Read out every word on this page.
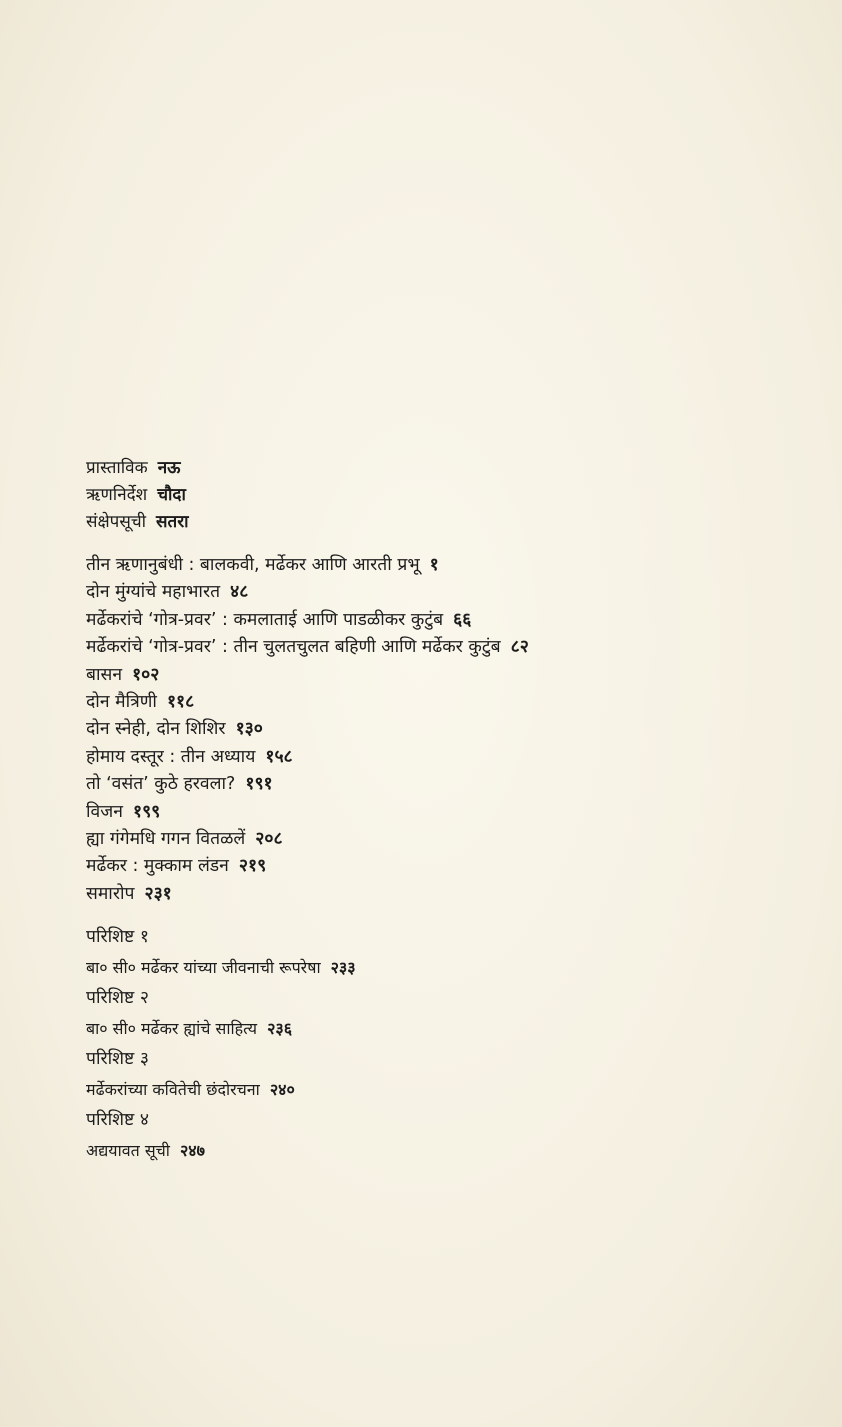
प्रास्ताविक नऊ
ऋणनिर्देश चौदा
संक्षेपसूची सतरा
तीन ऋणानुबंधी : बालकवी, मर्ढेकर आणि आरती प्रभू १
दोन मुंग्यांचे महाभारत ४८
मर्ढेकरांचे ‘गोत्र-प्रवर’ : कमलाताई आणि पाडळीकर कुटुंब ६६
मर्ढेकरांचे ‘गोत्र-प्रवर’ : तीन चुलतचुलत बहिणी आणि मर्ढेकर कुटुंब ८२
बासन १०२
दोन मैत्रिणी ११८
दोन स्नेही, दोन शिशिर १३०
होमाय दस्तूर : तीन अध्याय १५८
तो ‘वसंत’ कुठे हरवला? १९१
विजन १९९
ह्या गंगेमधि गगन वितळलें २०८
मर्ढेकर : मुक्काम लंडन २१९
समारोप २३१
परिशिष्ट १
बा० सी० मर्ढेकर यांच्या जीवनाची रूपरेषा २३३
परिशिष्ट २
बा० सी० मर्ढेकर ह्यांचे साहित्य २३६
परिशिष्ट ३
मर्ढेकरांच्या कवितेची छंदोरचना २४०
परिशिष्ट ४
अद्ययावत सूची २४७
